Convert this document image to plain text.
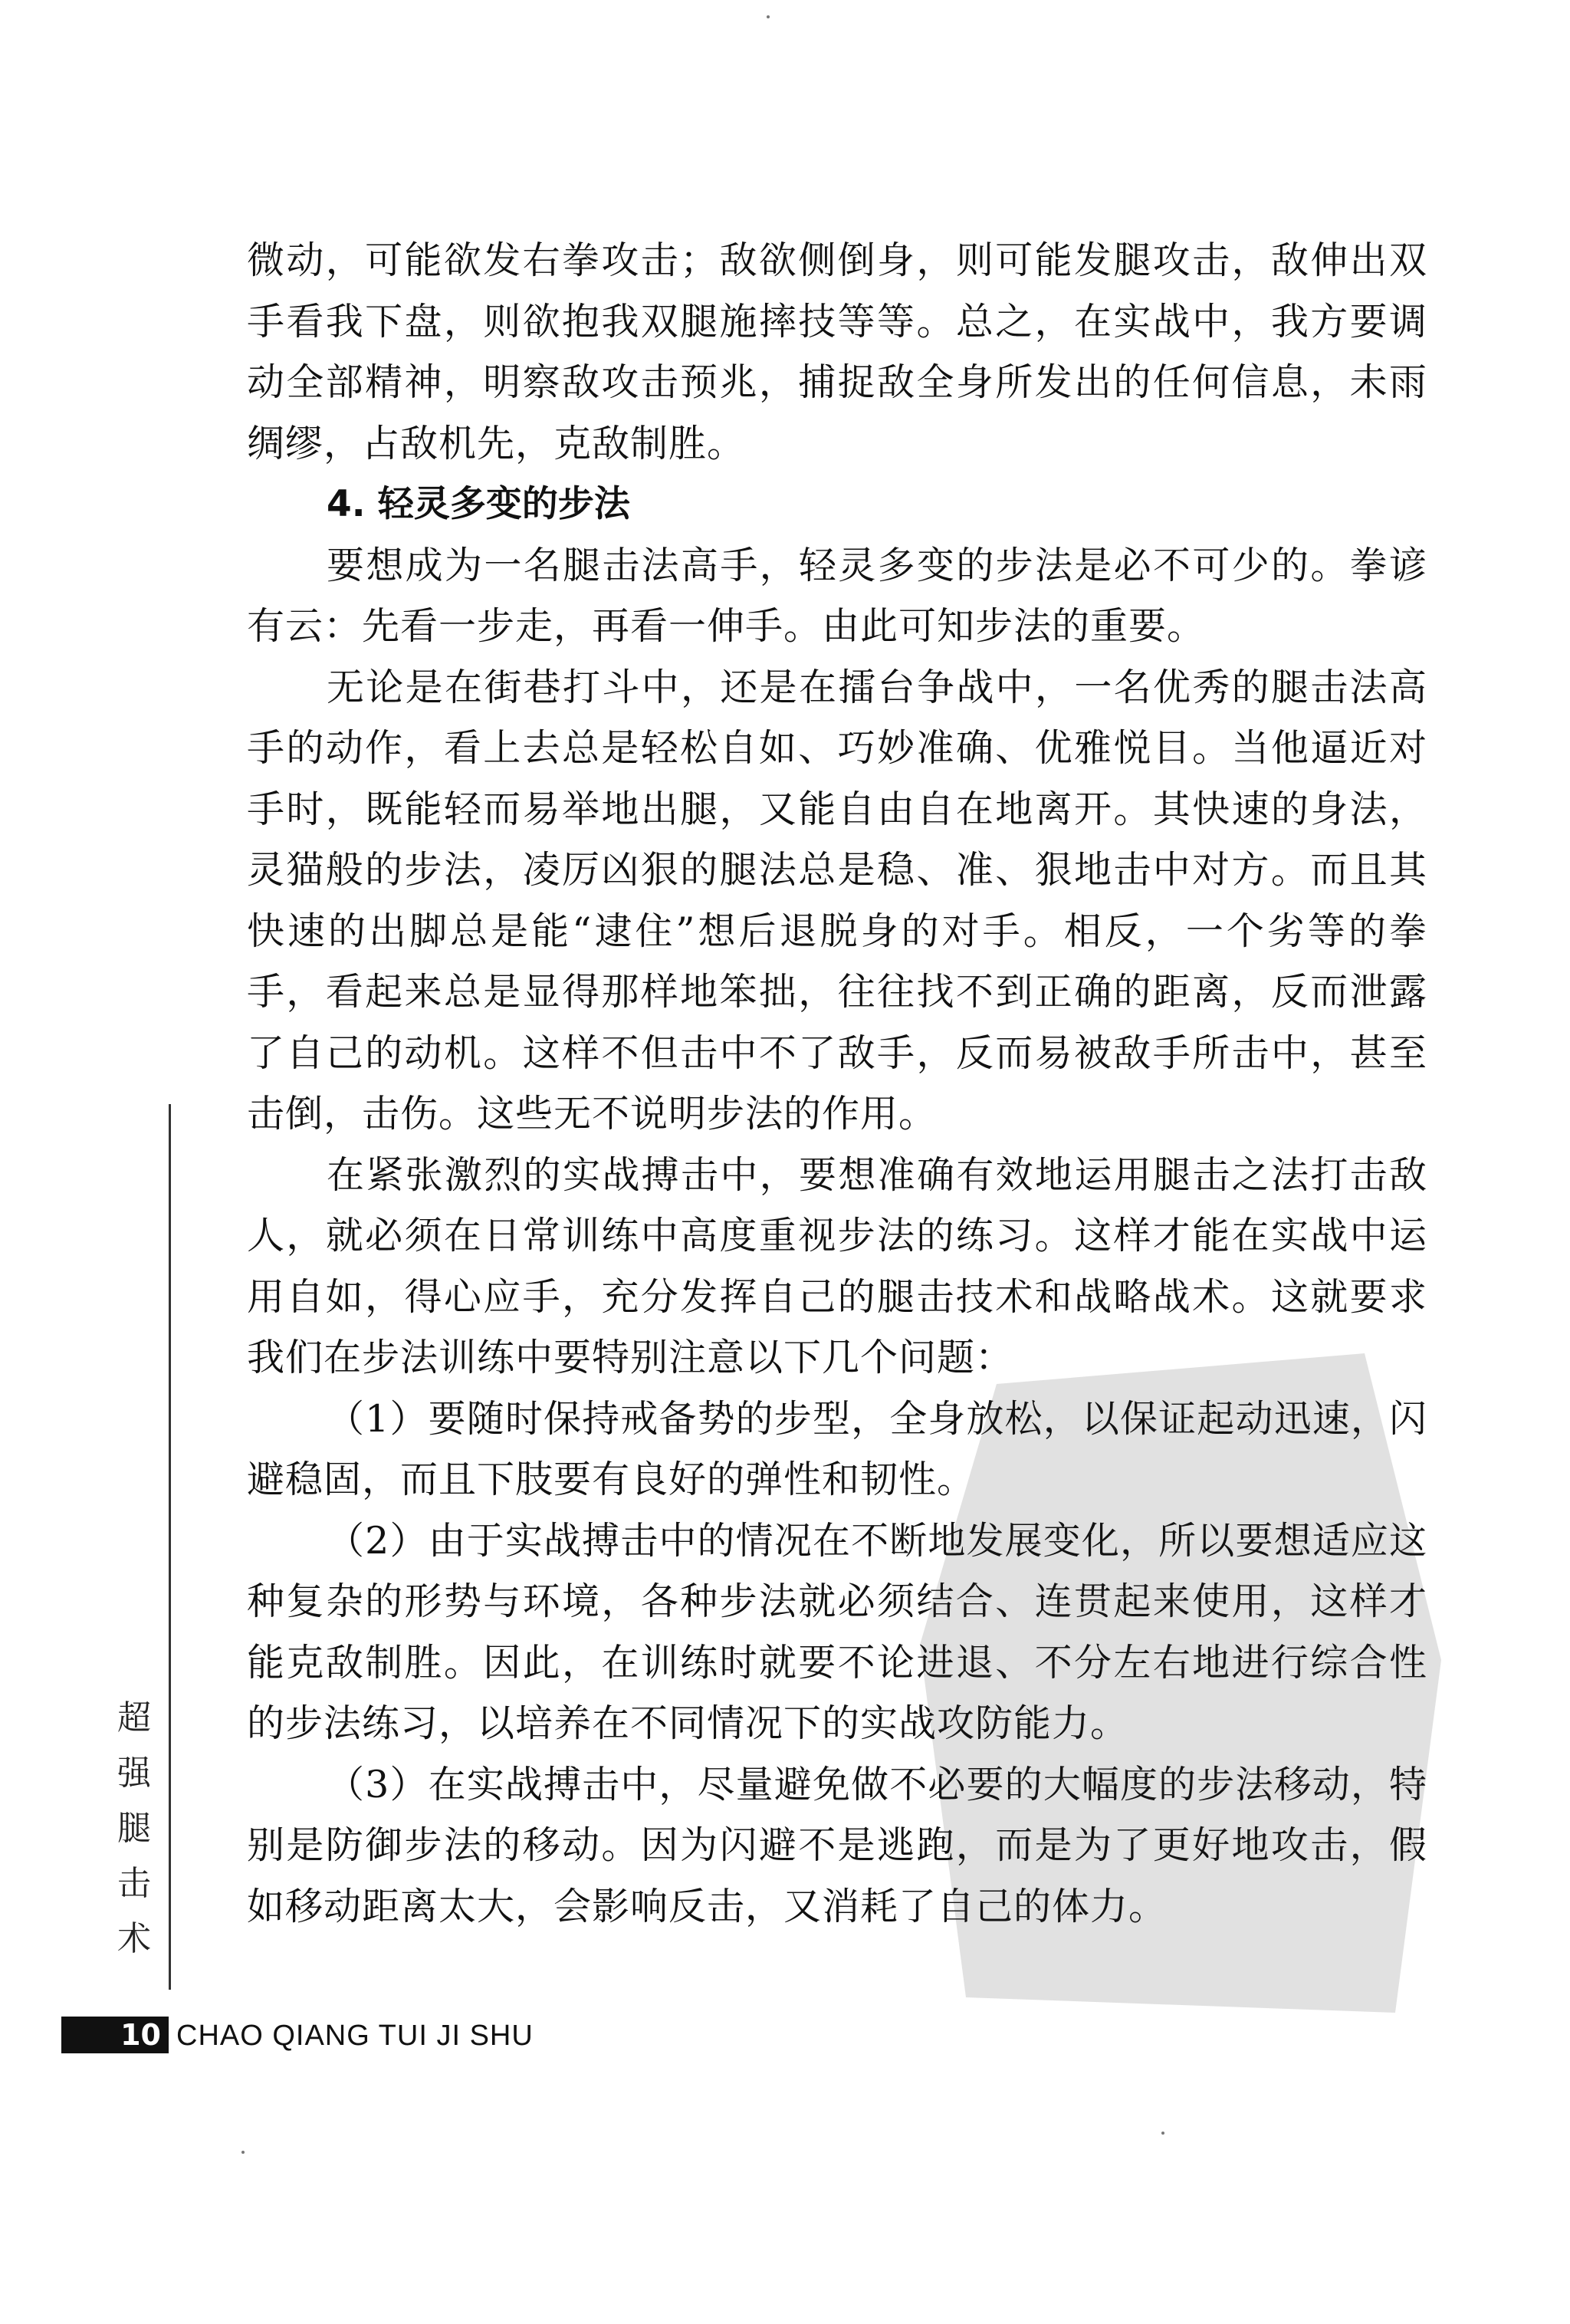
微动，可能欲发右拳攻击；敌欲侧倒身，则可能发腿攻击，敌伸出双手看我下盘，则欲抱我双腿施摔技等等。总之，在实战中，我方要调动全部精神，明察敌攻击预兆，捕捉敌全身所发出的任何信息，未雨绸缪，占敌机先，克敌制胜。

4. 轻灵多变的步法

要想成为一名腿击法高手，轻灵多变的步法是必不可少的。拳谚有云：先看一步走，再看一伸手。由此可知步法的重要。

无论是在街巷打斗中，还是在擂台争战中，一名优秀的腿击法高手的动作，看上去总是轻松自如、巧妙准确、优雅悦目。当他逼近对手时，既能轻而易举地出腿，又能自由自在地离开。其快速的身法，灵猫般的步法，凌厉凶狠的腿法总是稳、准、狠地击中对方。而且其快速的出脚总是能“逮住”想后退脱身的对手。相反，一个劣等的拳手，看起来总是显得那样地笨拙，往往找不到正确的距离，反而泄露了自己的动机。这样不但击中不了敌手，反而易被敌手所击中，甚至击倒，击伤。这些无不说明步法的作用。

在紧张激烈的实战搏击中，要想准确有效地运用腿击之法打击敌人，就必须在日常训练中高度重视步法的练习。这样才能在实战中运用自如，得心应手，充分发挥自己的腿击技术和战略战术。这就要求我们在步法训练中要特别注意以下几个问题：

（1）要随时保持戒备势的步型，全身放松，以保证起动迅速，闪避稳固，而且下肢要有良好的弹性和韧性。

（2）由于实战搏击中的情况在不断地发展变化，所以要想适应这种复杂的形势与环境，各种步法就必须结合、连贯起来使用，这样才能克敌制胜。因此，在训练时就要不论进退、不分左右地进行综合性的步法练习，以培养在不同情况下的实战攻防能力。

（3）在实战搏击中，尽量避免做不必要的大幅度的步法移动，特别是防御步法的移动。因为闪避不是逃跑，而是为了更好地攻击，假如移动距离太大，会影响反击，又消耗了自己的体力。

超
强
腿
击
术
10 CHAO QIANG TUI JI SHU
